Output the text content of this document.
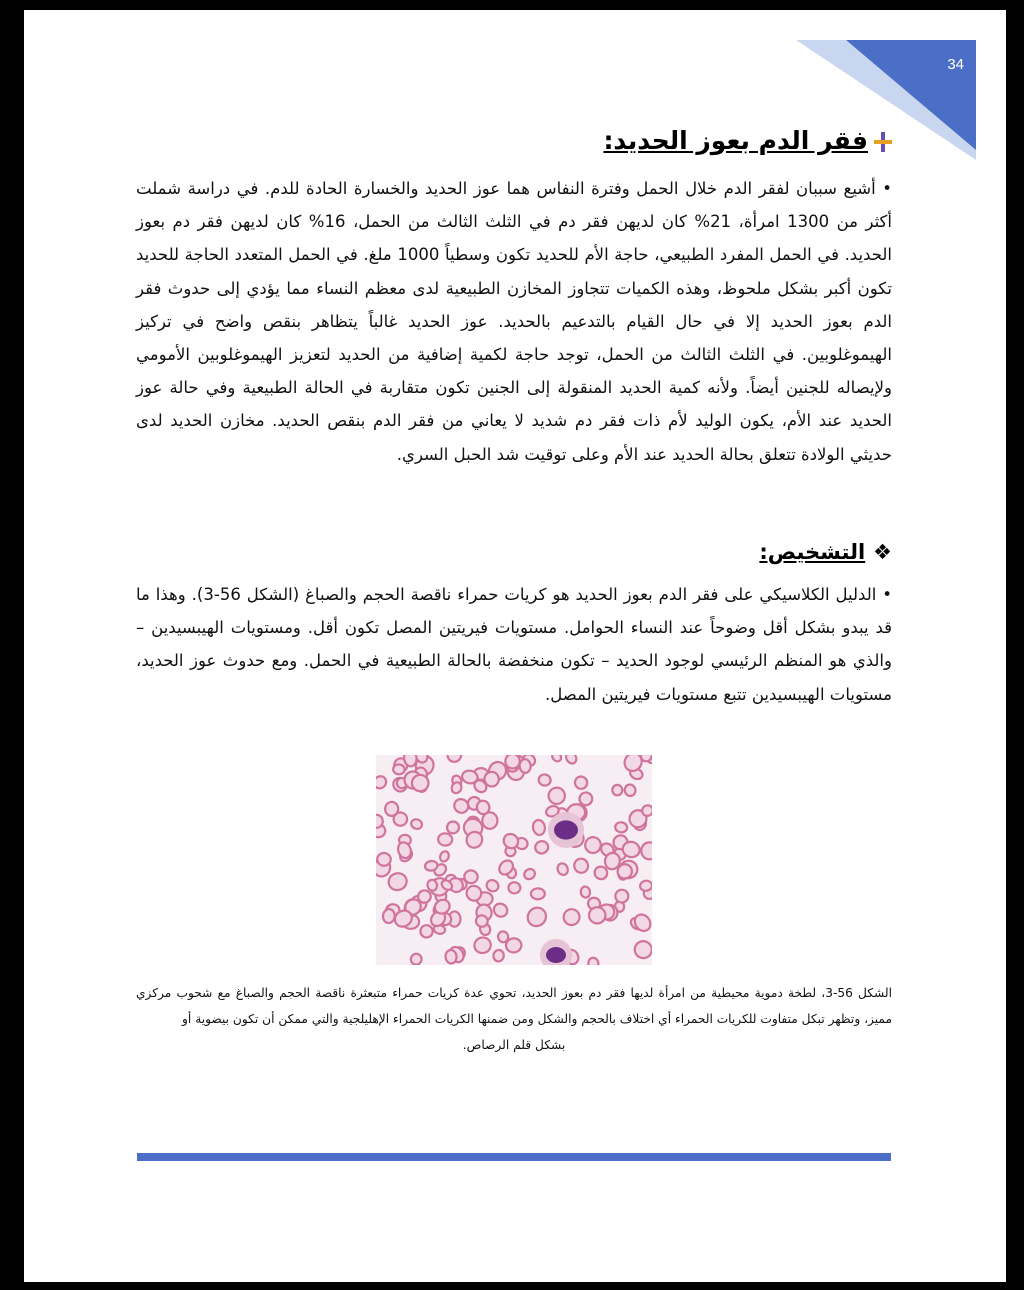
34
فقر الدم بعوز الحديد:
• أشيع سببان لفقر الدم خلال الحمل وفترة النفاس هما عوز الحديد والخسارة الحادة للدم. في دراسة شملت أكثر من 1300 امرأة، 21% كان لديهن فقر دم في الثلث الثالث من الحمل، 16% كان لديهن فقر دم بعوز الحديد. في الحمل المفرد الطبيعي، حاجة الأم للحديد تكون وسطياً 1000 ملغ. في الحمل المتعدد الحاجة للحديد تكون أكبر بشكل ملحوظ، وهذه الكميات تتجاوز المخازن الطبيعية لدى معظم النساء مما يؤدي إلى حدوث فقر الدم بعوز الحديد إلا في حال القيام بالتدعيم بالحديد. عوز الحديد غالباً يتظاهر بنقص واضح في تركيز الهيموغلوبين. في الثلث الثالث من الحمل، توجد حاجة لكمية إضافية من الحديد لتعزيز الهيموغلوبين الأمومي ولإيصاله للجنين أيضاً. ولأنه كمية الحديد المنقولة إلى الجنين تكون متقاربة في الحالة الطبيعية وفي حالة عوز الحديد عند الأم، يكون الوليد لأم ذات فقر دم شديد لا يعاني من فقر الدم بنقص الحديد. مخازن الحديد لدى حديثي الولادة تتعلق بحالة الحديد عند الأم وعلى توقيت شد الحبل السري.
❖التشخيص:
• الدليل الكلاسيكي على فقر الدم بعوز الحديد هو كريات حمراء ناقصة الحجم والصباغ (الشكل 56-3). وهذا ما قد يبدو بشكل أقل وضوحاً عند النساء الحوامل. مستويات فيريتين المصل تكون أقل. ومستويات الهيبسيدين – والذي هو المنظم الرئيسي لوجود الحديد – تكون منخفضة بالحالة الطبيعية في الحمل. ومع حدوث عوز الحديد، مستويات الهيبسيدين تتبع مستويات فيريتين المصل.
الشكل 56-3، لطخة دموية محيطية من امرأة لديها فقر دم بعوز الحديد، تحوي عدة كريات حمراء متبعثرة ناقصة الحجم والصباغ مع شحوب مركزي مميز، وتظهر تبكل متفاوت للكريات الحمراء أي اختلاف بالحجم والشكل ومن ضمنها الكريات الحمراء الإهليلجية والتي ممكن أن تكون بيضوية أو
بشكل قلم الرصاص.
